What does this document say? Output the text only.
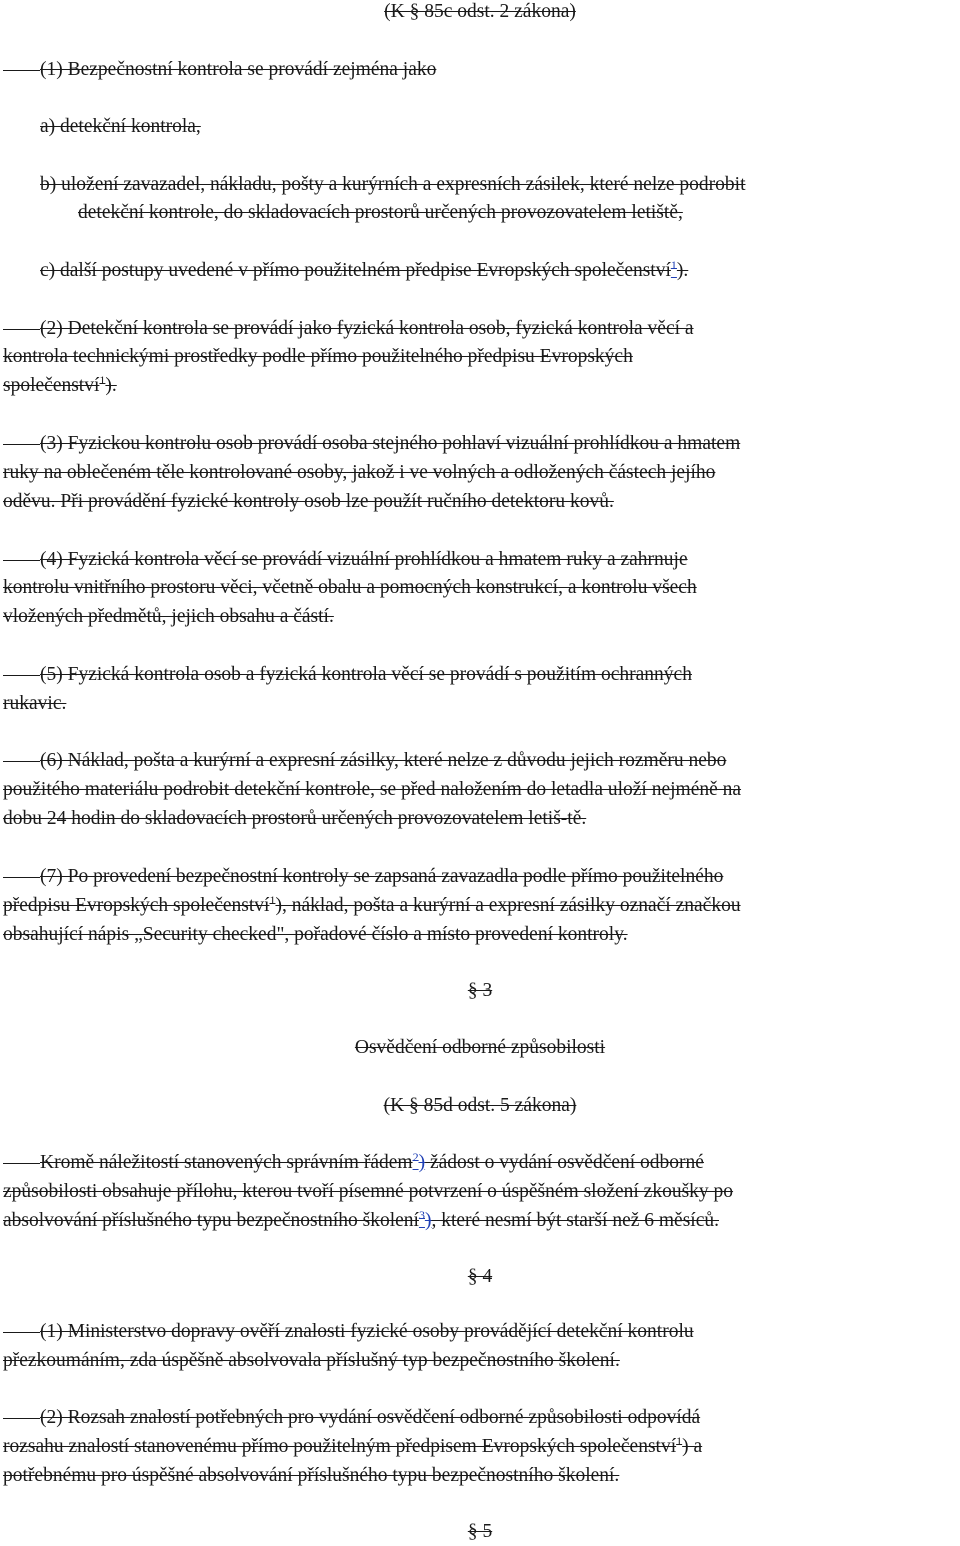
(K § 85c odst. 2 zákona)
(1) Bezpečnostní kontrola se provádí zejména jako
a) detekční kontrola,
b) uložení zavazadel, nákladu, pošty a kurýrních a expresních zásilek, které nelze podrobit
detekční kontrole, do skladovacích prostorů určených provozovatelem letiště,
c) další postupy uvedené v přímo použitelném předpise Evropských společenství$^1$).
(2) Detekční kontrola se provádí jako fyzická kontrola osob, fyzická kontrola věcí a
kontrola technickými prostředky podle přímo použitelného předpisu Evropských
společenství$^1$).
(3) Fyzickou kontrolu osob provádí osoba stejného pohlaví vizuální prohlídkou a hmatem
ruky na oblečeném těle kontrolované osoby, jakož i ve volných a odložených částech jejího
oděvu. Při provádění fyzické kontroly osob lze použít ručního detektoru kovů.
(4) Fyzická kontrola věcí se provádí vizuální prohlídkou a hmatem ruky a zahrnuje
kontrolu vnitřního prostoru věci, včetně obalu a pomocných konstrukcí, a kontrolu všech
vložených předmětů, jejich obsahu a částí.
(5) Fyzická kontrola osob a fyzická kontrola věcí se provádí s použitím ochranných
rukavic.
(6) Náklad, pošta a kurýrní a expresní zásilky, které nelze z důvodu jejich rozměru nebo
použitého materiálu podrobit detekční kontrole, se před naložením do letadla uloží nejméně na
dobu 24 hodin do skladovacích prostorů určených provozovatelem letiš-tě.
(7) Po provedení bezpečnostní kontroly se zapsaná zavazadla podle přímo použitelného
předpisu Evropských společenství$^1$), náklad, pošta a kurýrní a expresní zásilky označí značkou
obsahující nápis „Security checked", pořadové číslo a místo provedení kontroly.
§ 3
Osvědčení odborné způsobilosti
(K § 85d odst. 5 zákona)
Kromě náležitostí stanovených správním řádem$^2$) žádost o vydání osvědčení odborné
způsobilosti obsahuje přílohu, kterou tvoří písemné potvrzení o úspěšném složení zkoušky po
absolvování příslušného typu bezpečnostního školení$^3$), které nesmí být starší než 6 měsíců.
§ 4
(1) Ministerstvo dopravy ověří znalosti fyzické osoby provádějící detekční kontrolu
přezkoumáním, zda úspěšně absolvovala příslušný typ bezpečnostního školení.
(2) Rozsah znalostí potřebných pro vydání osvědčení odborné způsobilosti odpovídá
rozsahu znalostí stanovenému přímo použitelným předpisem Evropských společenství$^1$) a
potřebnému pro úspěšné absolvování příslušného typu bezpečnostního školení.
§ 5
